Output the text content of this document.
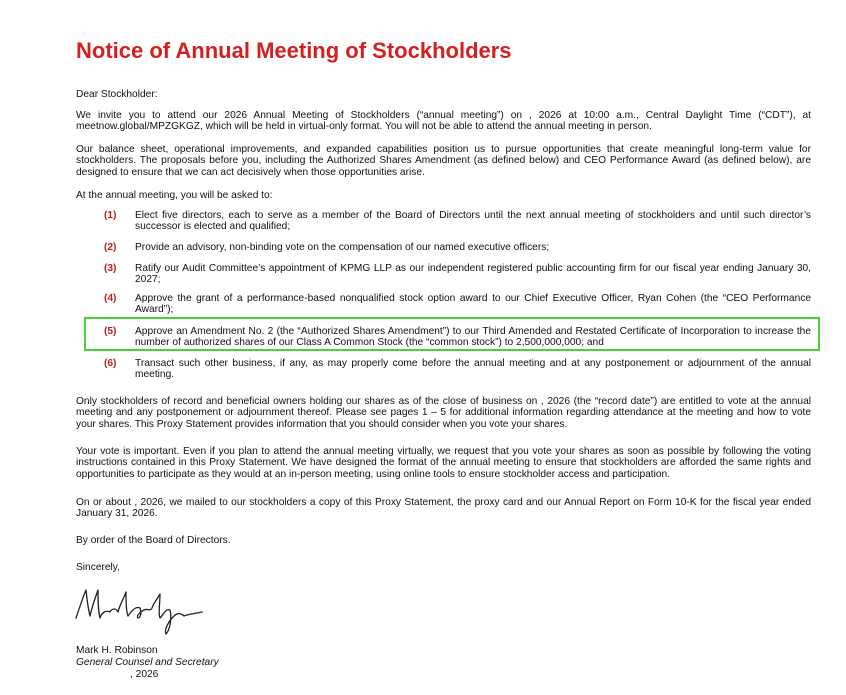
Notice of Annual Meeting of Stockholders

Dear Stockholder:

We invite you to attend our 2026 Annual Meeting of Stockholders (“annual meeting”) on , 2026 at 10:00 a.m., Central Daylight Time (“CDT”), at meetnow.global/MPZGKGZ, which will be held in virtual-only format. You will not be able to attend the annual meeting in person.

Our balance sheet, operational improvements, and expanded capabilities position us to pursue opportunities that create meaningful long-term value for stockholders. The proposals before you, including the Authorized Shares Amendment (as defined below) and CEO Performance Award (as defined below), are designed to ensure that we can act decisively when those opportunities arise.

At the annual meeting, you will be asked to:

(1) Elect five directors, each to serve as a member of the Board of Directors until the next annual meeting of stockholders and until such director’s successor is elected and qualified;
(2) Provide an advisory, non-binding vote on the compensation of our named executive officers;
(3) Ratify our Audit Committee’s appointment of KPMG LLP as our independent registered public accounting firm for our fiscal year ending January 30, 2027;
(4) Approve the grant of a performance-based nonqualified stock option award to our Chief Executive Officer, Ryan Cohen (the “CEO Performance Award”);
(5) Approve an Amendment No. 2 (the “Authorized Shares Amendment”) to our Third Amended and Restated Certificate of Incorporation to increase the number of authorized shares of our Class A Common Stock (the “common stock”) to 2,500,000,000; and
(6) Transact such other business, if any, as may properly come before the annual meeting and at any postponement or adjournment of the annual meeting.

Only stockholders of record and beneficial owners holding our shares as of the close of business on , 2026 (the “record date”) are entitled to vote at the annual meeting and any postponement or adjournment thereof. Please see pages 1 – 5 for additional information regarding attendance at the meeting and how to vote your shares. This Proxy Statement provides information that you should consider when you vote your shares.

Your vote is important. Even if you plan to attend the annual meeting virtually, we request that you vote your shares as soon as possible by following the voting instructions contained in this Proxy Statement. We have designed the format of the annual meeting to ensure that stockholders are afforded the same rights and opportunities to participate as they would at an in-person meeting, using online tools to ensure stockholder access and participation.

On or about , 2026, we mailed to our stockholders a copy of this Proxy Statement, the proxy card and our Annual Report on Form 10-K for the fiscal year ended January 31, 2026.

By order of the Board of Directors.

Sincerely,

Mark H. Robinson

General Counsel and Secretary

, 2026
